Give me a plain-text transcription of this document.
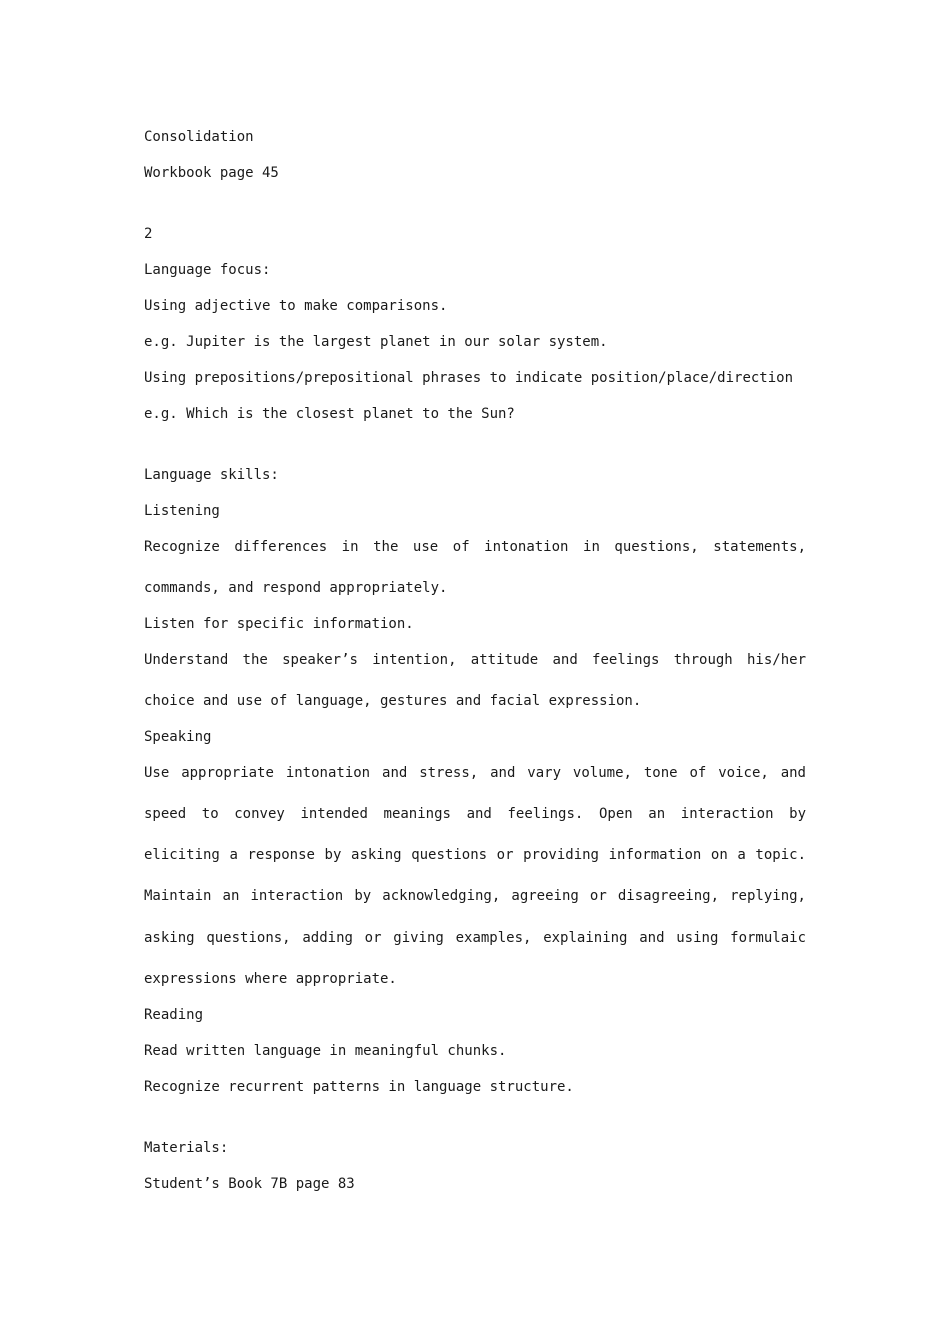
Consolidation
Workbook page 45
2
Language focus:
Using adjective to make comparisons.
e.g. Jupiter is the largest planet in our solar system.
Using prepositions/prepositional phrases to indicate position/place/direction
e.g. Which is the closest planet to the Sun?
Language skills:
Listening
Recognize differences in the use of intonation in questions, statements,
commands, and respond appropriately.
Listen for specific information.
Understand the speaker’s intention, attitude and feelings through his/her
choice and use of language, gestures and facial expression.
Speaking
Use appropriate intonation and stress, and vary volume, tone of voice, and
speed to convey intended meanings and feelings. Open an interaction by
eliciting a response by asking questions or providing information on a topic.
Maintain an interaction by acknowledging, agreeing or disagreeing, replying,
asking questions, adding or giving examples, explaining and using formulaic
expressions where appropriate.
Reading
Read written language in meaningful chunks.
Recognize recurrent patterns in language structure.
Materials:
Student’s Book 7B page 83
